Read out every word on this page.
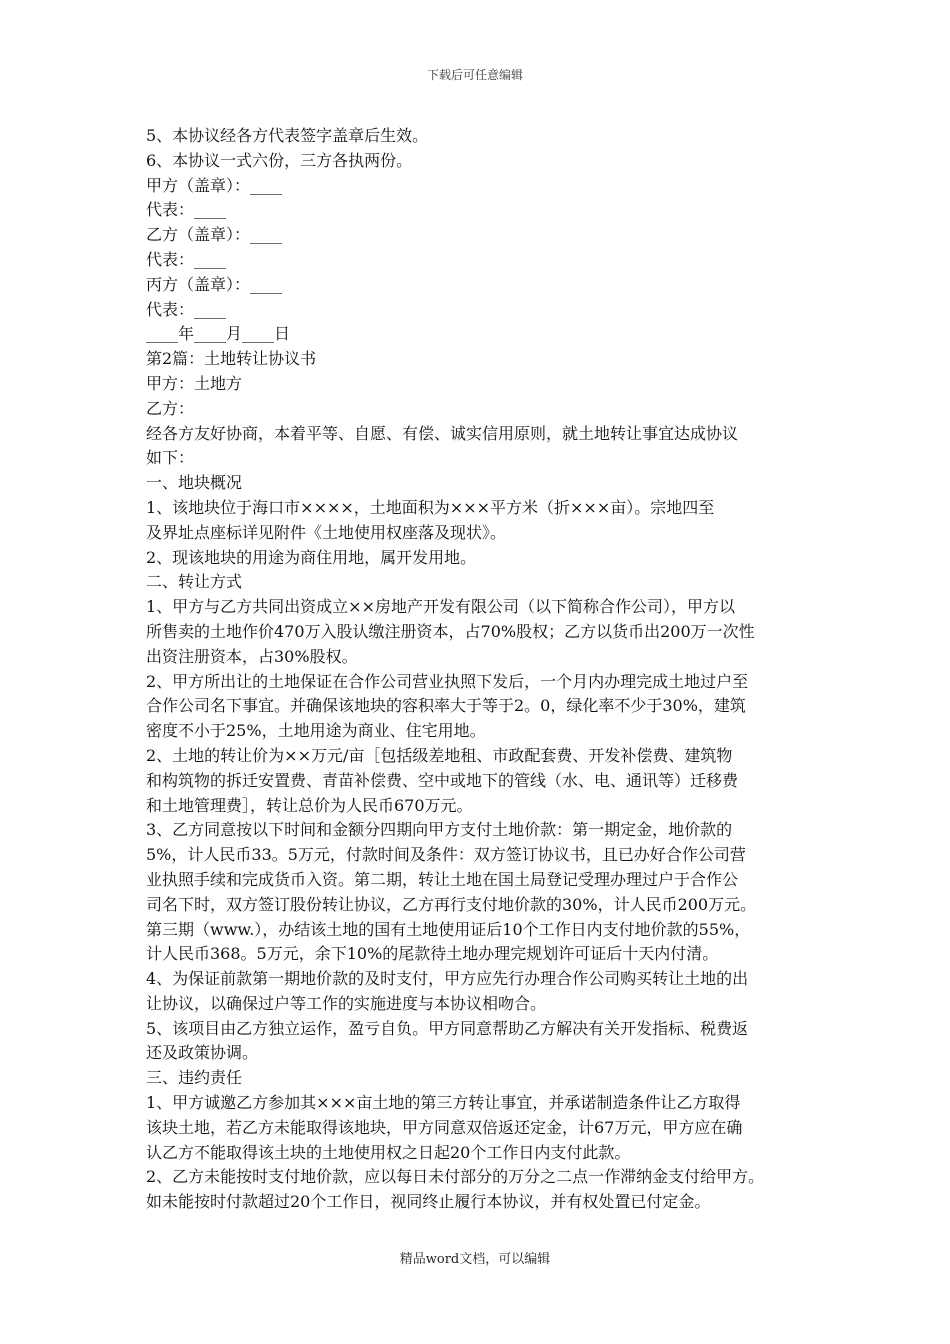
下载后可任意编辑
5、本协议经各方代表签字盖章后生效。
6、本协议一式六份，三方各执两份。
甲方（盖章）：____
代表：____
乙方（盖章）：____
代表：____
丙方（盖章）：____
代表：____
____年____月____日
第2篇：土地转让协议书
甲方：土地方
乙方：
经各方友好协商，本着平等、自愿、有偿、诚实信用原则，就土地转让事宜达成协议
如下：
一、地块概况
1、该地块位于海口市××××，土地面积为×××平方米（折×××亩）。宗地四至
及界址点座标详见附件《土地使用权座落及现状》。
2、现该地块的用途为商住用地，属开发用地。
二、转让方式
1、甲方与乙方共同出资成立××房地产开发有限公司（以下简称合作公司），甲方以
所售卖的土地作价470万入股认缴注册资本，占70%股权；乙方以货币出200万一次性
出资注册资本，占30%股权。
2、甲方所出让的土地保证在合作公司营业执照下发后，一个月内办理完成土地过户至
合作公司名下事宜。并确保该地块的容积率大于等于2。0，绿化率不少于30%，建筑
密度不小于25%，土地用途为商业、住宅用地。
2、土地的转让价为××万元/亩［包括级差地租、市政配套费、开发补偿费、建筑物
和构筑物的拆迁安置费、青苗补偿费、空中或地下的管线（水、电、通讯等）迁移费
和土地管理费］，转让总价为人民币670万元。
3、乙方同意按以下时间和金额分四期向甲方支付土地价款：第一期定金，地价款的
5%，计人民币33。5万元，付款时间及条件：双方签订协议书，且已办好合作公司营
业执照手续和完成货币入资。第二期，转让土地在国土局登记受理办理过户于合作公
司名下时，双方签订股份转让协议，乙方再行支付地价款的30%，计人民币200万元。
第三期（www.），办结该土地的国有土地使用证后10个工作日内支付地价款的55%，
计人民币368。5万元，余下10%的尾款待土地办理完规划许可证后十天内付清。
4、为保证前款第一期地价款的及时支付，甲方应先行办理合作公司购买转让土地的出
让协议，以确保过户等工作的实施进度与本协议相吻合。
5、该项目由乙方独立运作，盈亏自负。甲方同意帮助乙方解决有关开发指标、税费返
还及政策协调。
三、违约责任
1、甲方诚邀乙方参加其×××亩土地的第三方转让事宜，并承诺制造条件让乙方取得
该块土地，若乙方未能取得该地块，甲方同意双倍返还定金，计67万元，甲方应在确
认乙方不能取得该土块的土地使用权之日起20个工作日内支付此款。
2、乙方未能按时支付地价款，应以每日未付部分的万分之二点一作滞纳金支付给甲方。
如未能按时付款超过20个工作日，视同终止履行本协议，并有权处置已付定金。
精品word文档，可以编辑
